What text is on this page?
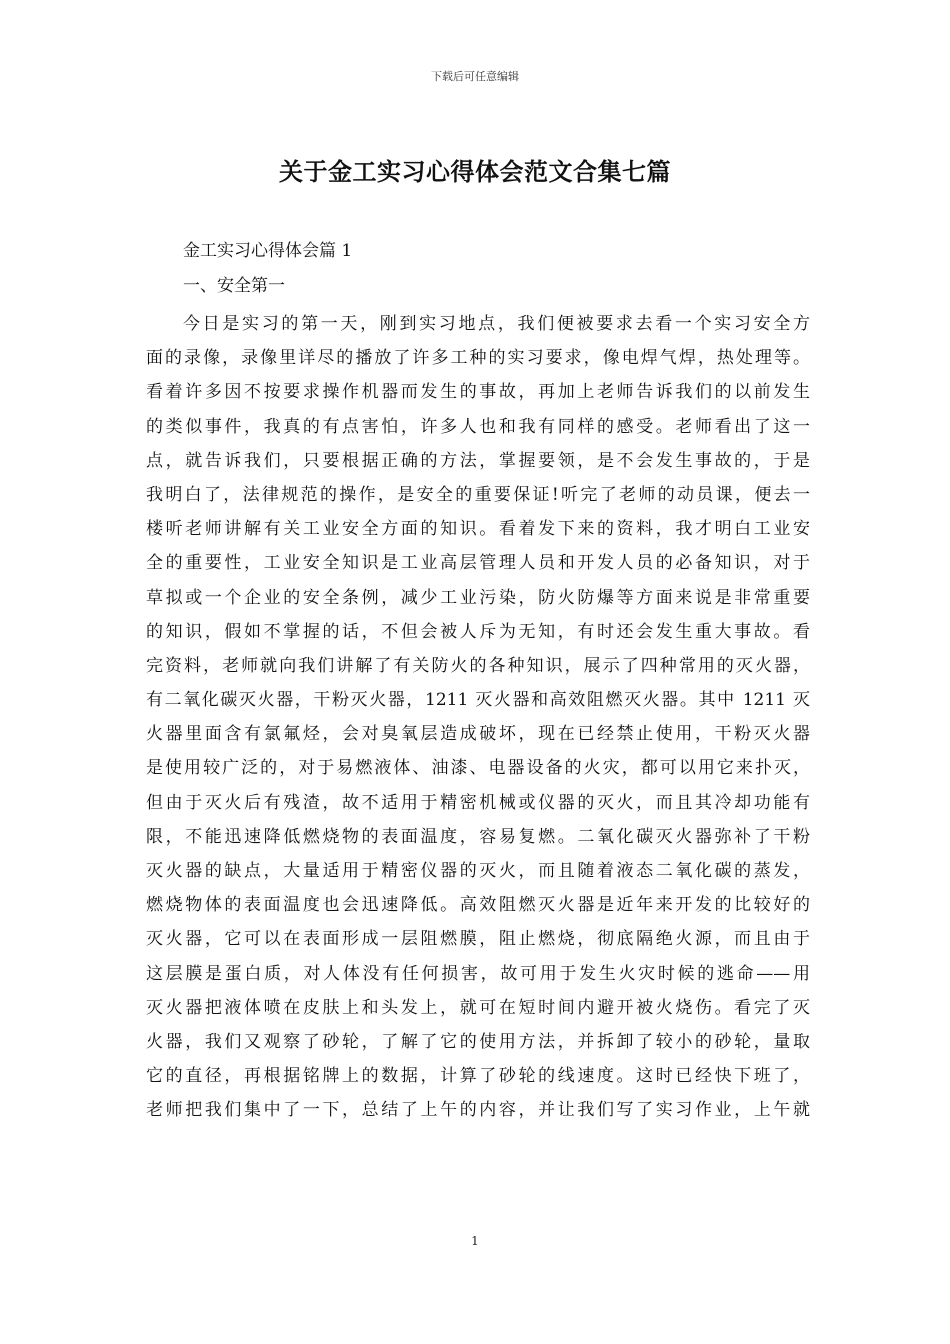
下载后可任意编辑
关于金工实习心得体会范文合集七篇
金工实习心得体会篇 1
一、安全第一
今日是实习的第一天，刚到实习地点，我们便被要求去看一个实习安全方
面的录像，录像里详尽的播放了许多工种的实习要求，像电焊气焊，热处理等。
看着许多因不按要求操作机器而发生的事故，再加上老师告诉我们的以前发生
的类似事件，我真的有点害怕，许多人也和我有同样的感受。老师看出了这一
点，就告诉我们，只要根据正确的方法，掌握要领，是不会发生事故的，于是
我明白了，法律规范的操作，是安全的重要保证!听完了老师的动员课，便去一
楼听老师讲解有关工业安全方面的知识。看着发下来的资料，我才明白工业安
全的重要性，工业安全知识是工业高层管理人员和开发人员的必备知识，对于
草拟或一个企业的安全条例，减少工业污染，防火防爆等方面来说是非常重要
的知识，假如不掌握的话，不但会被人斥为无知，有时还会发生重大事故。看
完资料，老师就向我们讲解了有关防火的各种知识，展示了四种常用的灭火器，
有二氧化碳灭火器，干粉灭火器，1211 灭火器和高效阻燃灭火器。其中 1211 灭
火器里面含有氯氟烃，会对臭氧层造成破坏，现在已经禁止使用，干粉灭火器
是使用较广泛的，对于易燃液体、油漆、电器设备的火灾，都可以用它来扑灭，
但由于灭火后有残渣，故不适用于精密机械或仪器的灭火，而且其冷却功能有
限，不能迅速降低燃烧物的表面温度，容易复燃。二氧化碳灭火器弥补了干粉
灭火器的缺点，大量适用于精密仪器的灭火，而且随着液态二氧化碳的蒸发，
燃烧物体的表面温度也会迅速降低。高效阻燃灭火器是近年来开发的比较好的
灭火器，它可以在表面形成一层阻燃膜，阻止燃烧，彻底隔绝火源，而且由于
这层膜是蛋白质，对人体没有任何损害，故可用于发生火灾时候的逃命——用
灭火器把液体喷在皮肤上和头发上，就可在短时间内避开被火烧伤。看完了灭
火器，我们又观察了砂轮，了解了它的使用方法，并拆卸了较小的砂轮，量取
它的直径，再根据铭牌上的数据，计算了砂轮的线速度。这时已经快下班了，
老师把我们集中了一下，总结了上午的内容，并让我们写了实习作业，上午就
1
